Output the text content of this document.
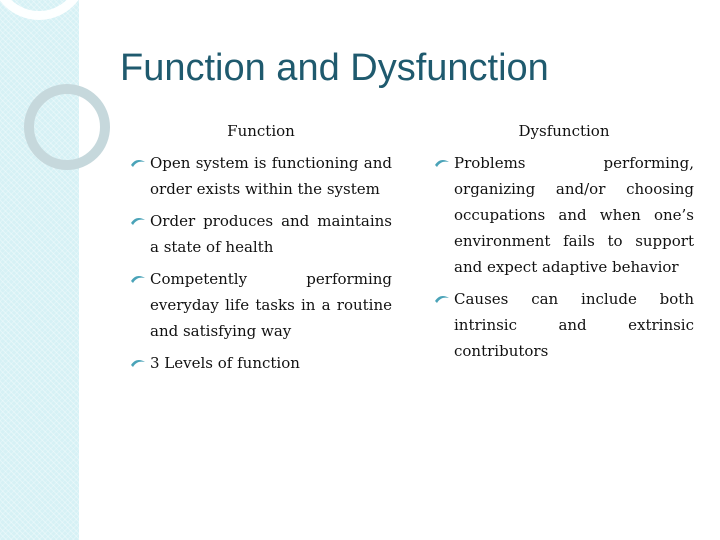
Function and Dysfunction
Function
Open system is functioning and order exists within the system
Order produces and maintains a state of health
Competently performing everyday life tasks in a routine and satisfying way
3 Levels of function
Dysfunction
Problems performing, organizing and/or choosing occupations and when one’s environment fails to support and expect adaptive behavior
Causes can include both intrinsic and extrinsic contributors
